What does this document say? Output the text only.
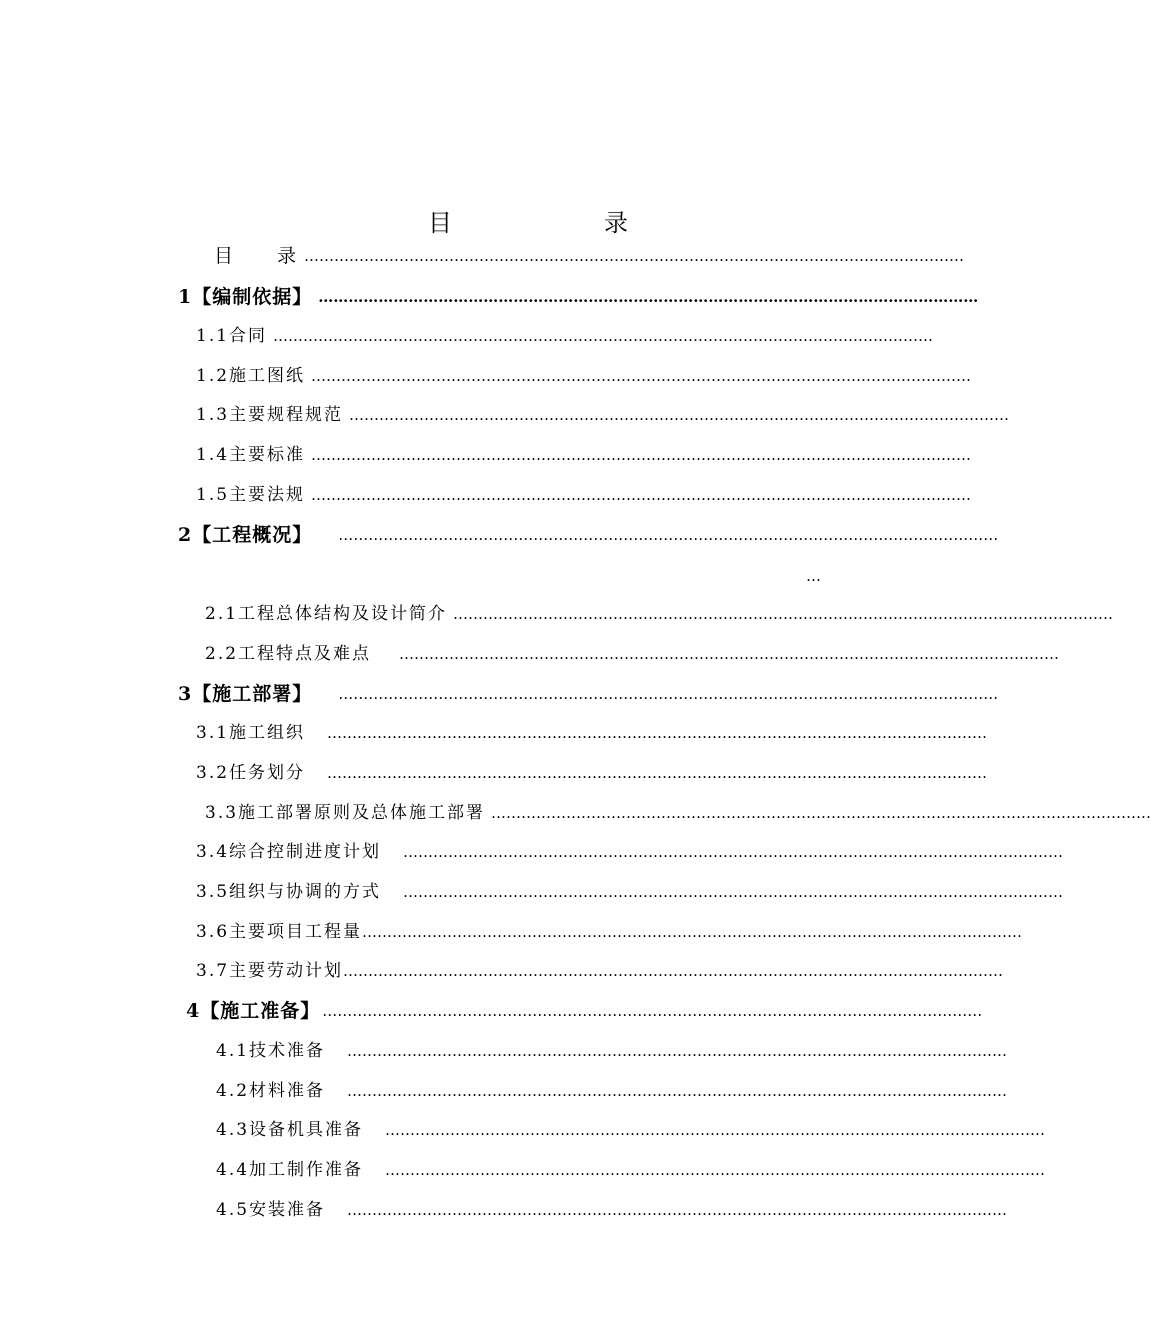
目　录
目　　录 ……………………………………………………………………………………………………………………
1【编制依据】 ……………………………………………………………………………………………………………………
1.1合同 ……………………………………………………………………………………………………………………
1.2施工图纸 ……………………………………………………………………………………………………………………
1.3主要规程规范 ……………………………………………………………………………………………………………………
1.4主要标准 ……………………………………………………………………………………………………………………
1.5主要法规 ……………………………………………………………………………………………………………………
2【工程概况】 ……………………………………………………………………………………………………………………
…
2.1工程总体结构及设计简介 ……………………………………………………………………………………………………………………
2.2工程特点及难点 ……………………………………………………………………………………………………………………
3【施工部署】 ……………………………………………………………………………………………………………………
3.1施工组织 ……………………………………………………………………………………………………………………
3.2任务划分 ……………………………………………………………………………………………………………………
3.3施工部署原则及总体施工部署 ……………………………………………………………………………………………………………………
3.4综合控制进度计划 ……………………………………………………………………………………………………………………
3.5组织与协调的方式 ……………………………………………………………………………………………………………………
3.6主要项目工程量 ……………………………………………………………………………………………………………………
3.7主要劳动计划 ……………………………………………………………………………………………………………………
4【施工准备】 ……………………………………………………………………………………………………………………
4.1技术准备 ……………………………………………………………………………………………………………………
4.2材料准备 ……………………………………………………………………………………………………………………
4.3设备机具准备 ……………………………………………………………………………………………………………………
4.4加工制作准备 ……………………………………………………………………………………………………………………
4.5安装准备 ……………………………………………………………………………………………………………………
